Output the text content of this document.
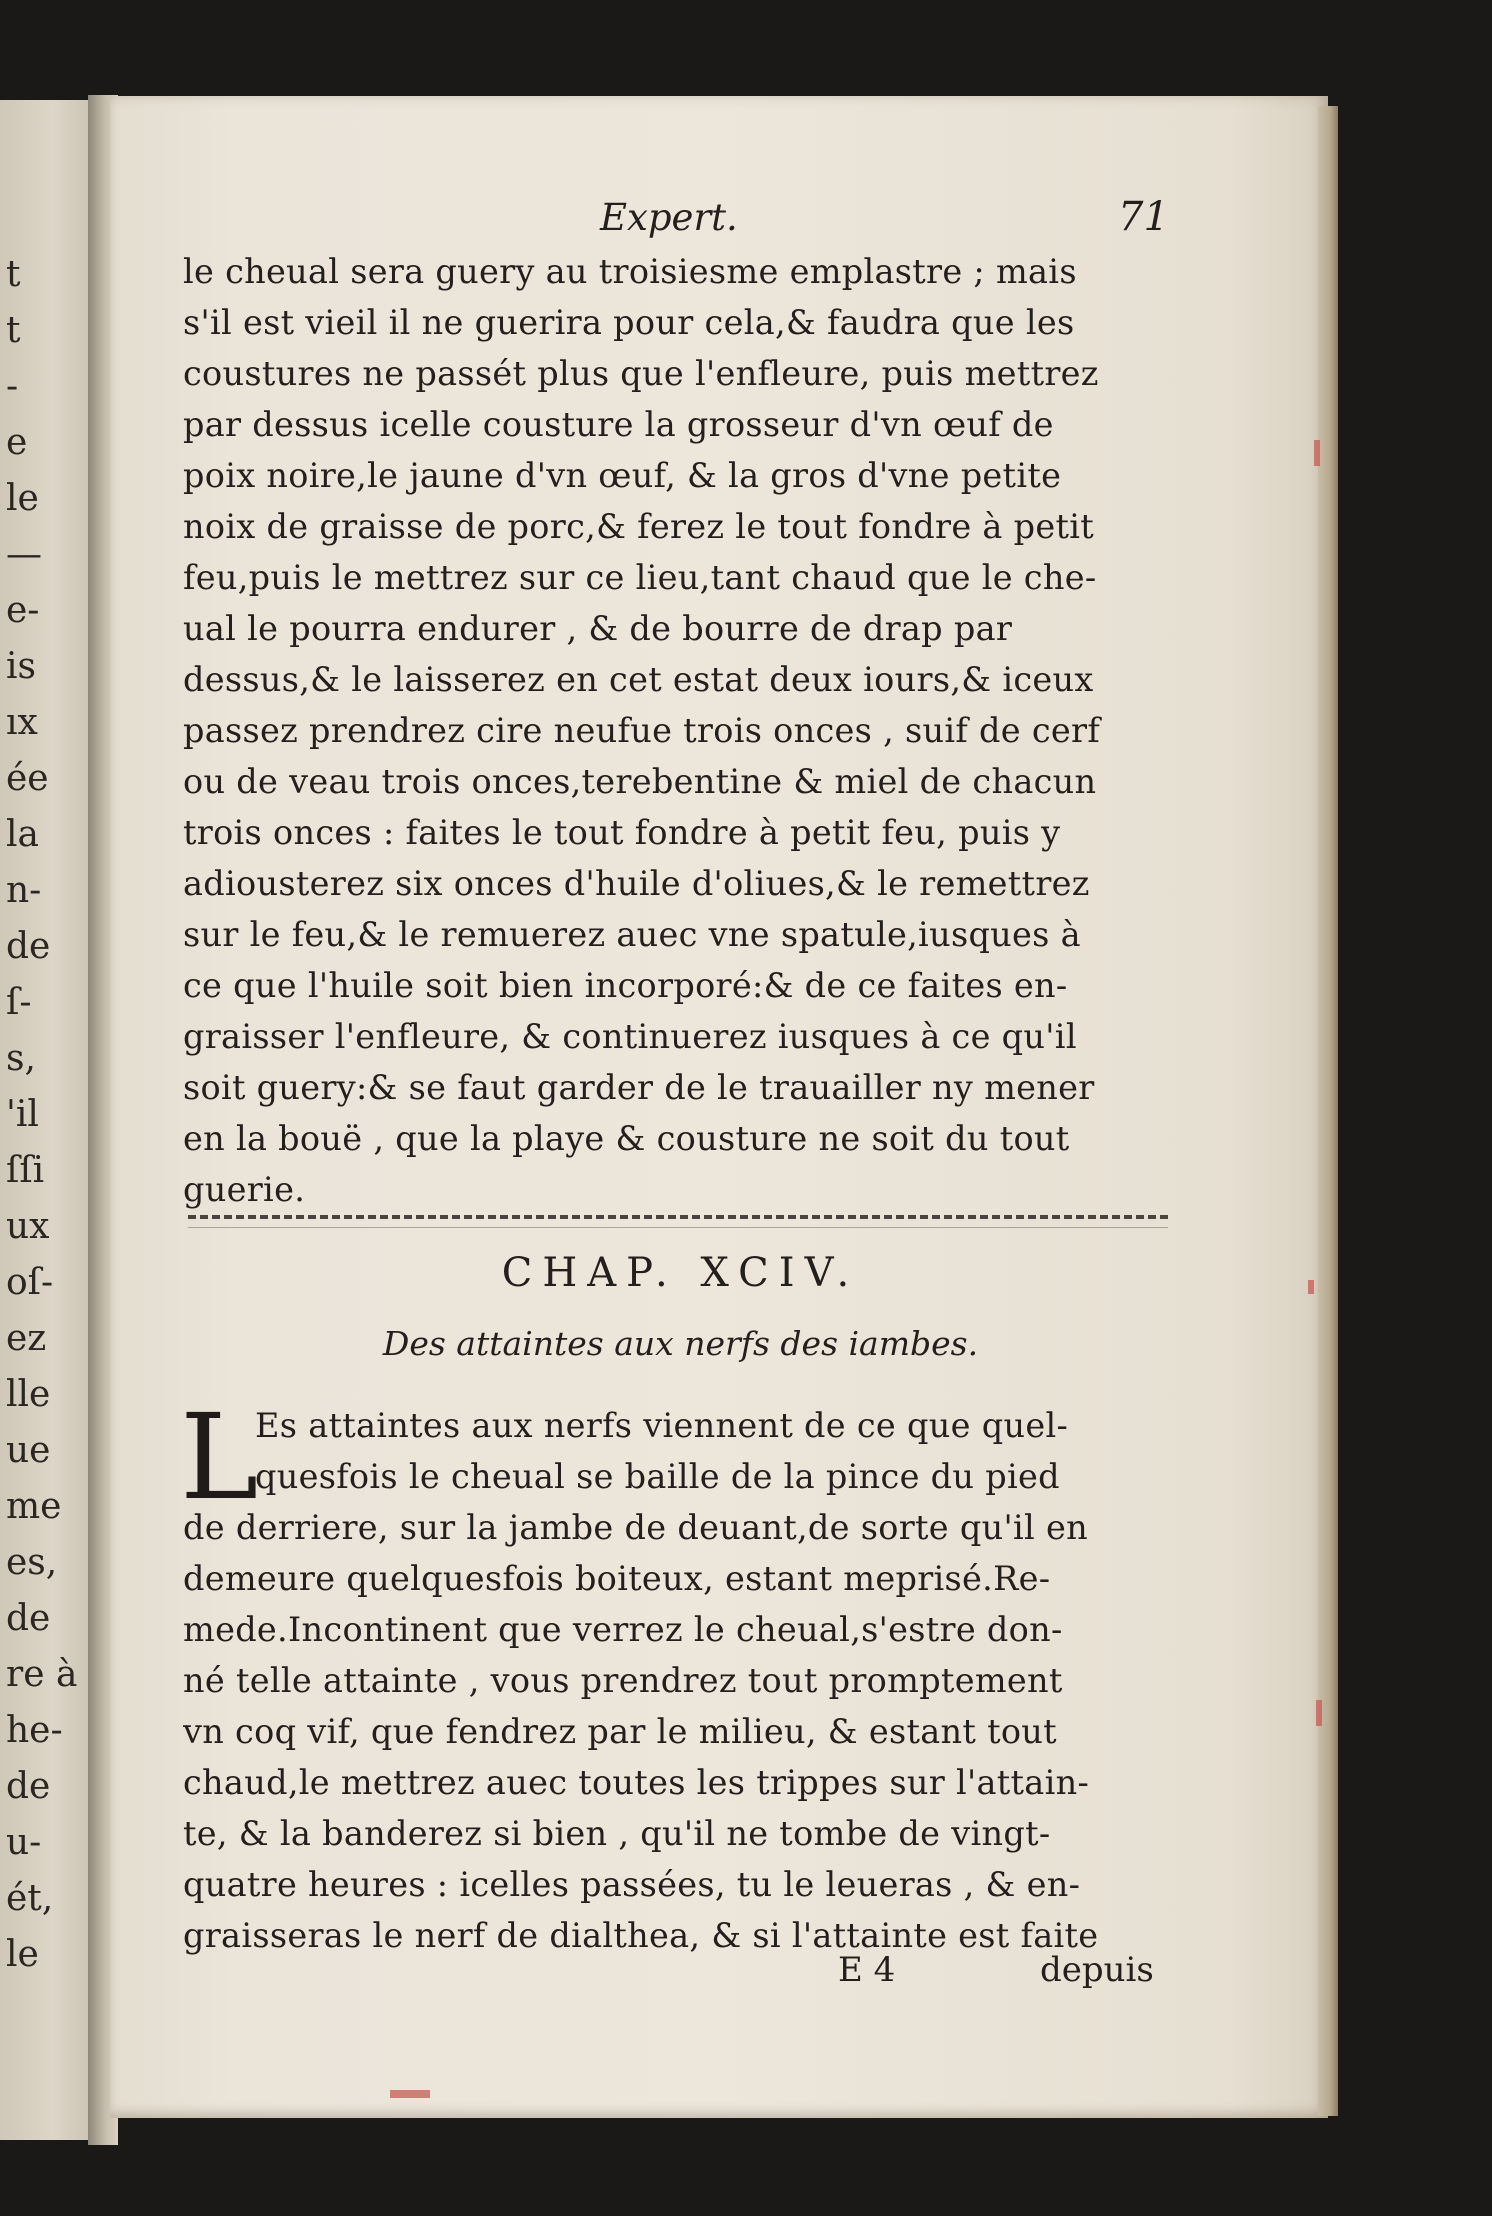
t
t
-
e
le
—
e-
is
ıx
ée
la
n-
de
ſ-
s,
'il
ſſi
ux
oſ-
ez
lle
ue
me
es,
de
re à
he-
de
u-
ét,
le
Expert.	71
le cheual sera guery au troisiesme emplastre ; mais
s'il est vieil il ne guerira pour cela,& faudra que les
coustures ne passét plus que l'enfleure, puis mettrez
par dessus icelle cousture la grosseur d'vn œuf de
poix noire,le jaune d'vn œuf, & la gros d'vne petite
noix de graisse de porc,& ferez le tout fondre à petit
feu,puis le mettrez sur ce lieu,tant chaud que le che-
ual le pourra endurer , & de bourre de drap par
dessus,& le laisserez en cet estat deux iours,& iceux
passez prendrez cire neufue trois onces , suif de cerf
ou de veau trois onces,terebentine & miel de chacun
trois onces : faites le tout fondre à petit feu, puis y
adiousterez six onces d'huile d'oliues,& le remettrez
sur le feu,& le remuerez auec vne spatule,iusques à
ce que l'huile soit bien incorporé:& de ce faites en-
graisser l'enfleure, & continuerez iusques à ce qu'il
soit guery:& se faut garder de le trauailler ny mener
en la bouë , que la playe & cousture ne soit du tout
guerie.
CHAP. XCIV.
Des attaintes aux nerfs des iambes.
L
Es attaintes aux nerfs viennent de ce que quel-
quesfois le cheual se baille de la pince du pied
de derriere, sur la jambe de deuant,de sorte qu'il en
demeure quelquesfois boiteux, estant meprisé.Re-
mede.Incontinent que verrez le cheual,s'estre don-
né telle attainte , vous prendrez tout promptement
vn coq vif, que fendrez par le milieu, & estant tout
chaud,le mettrez auec toutes les trippes sur l'attain-
te, & la banderez si bien , qu'il ne tombe de vingt-
quatre heures : icelles passées, tu le leueras , & en-
graisseras le nerf de dialthea, & si l'attainte est faite
E 4	depuis
